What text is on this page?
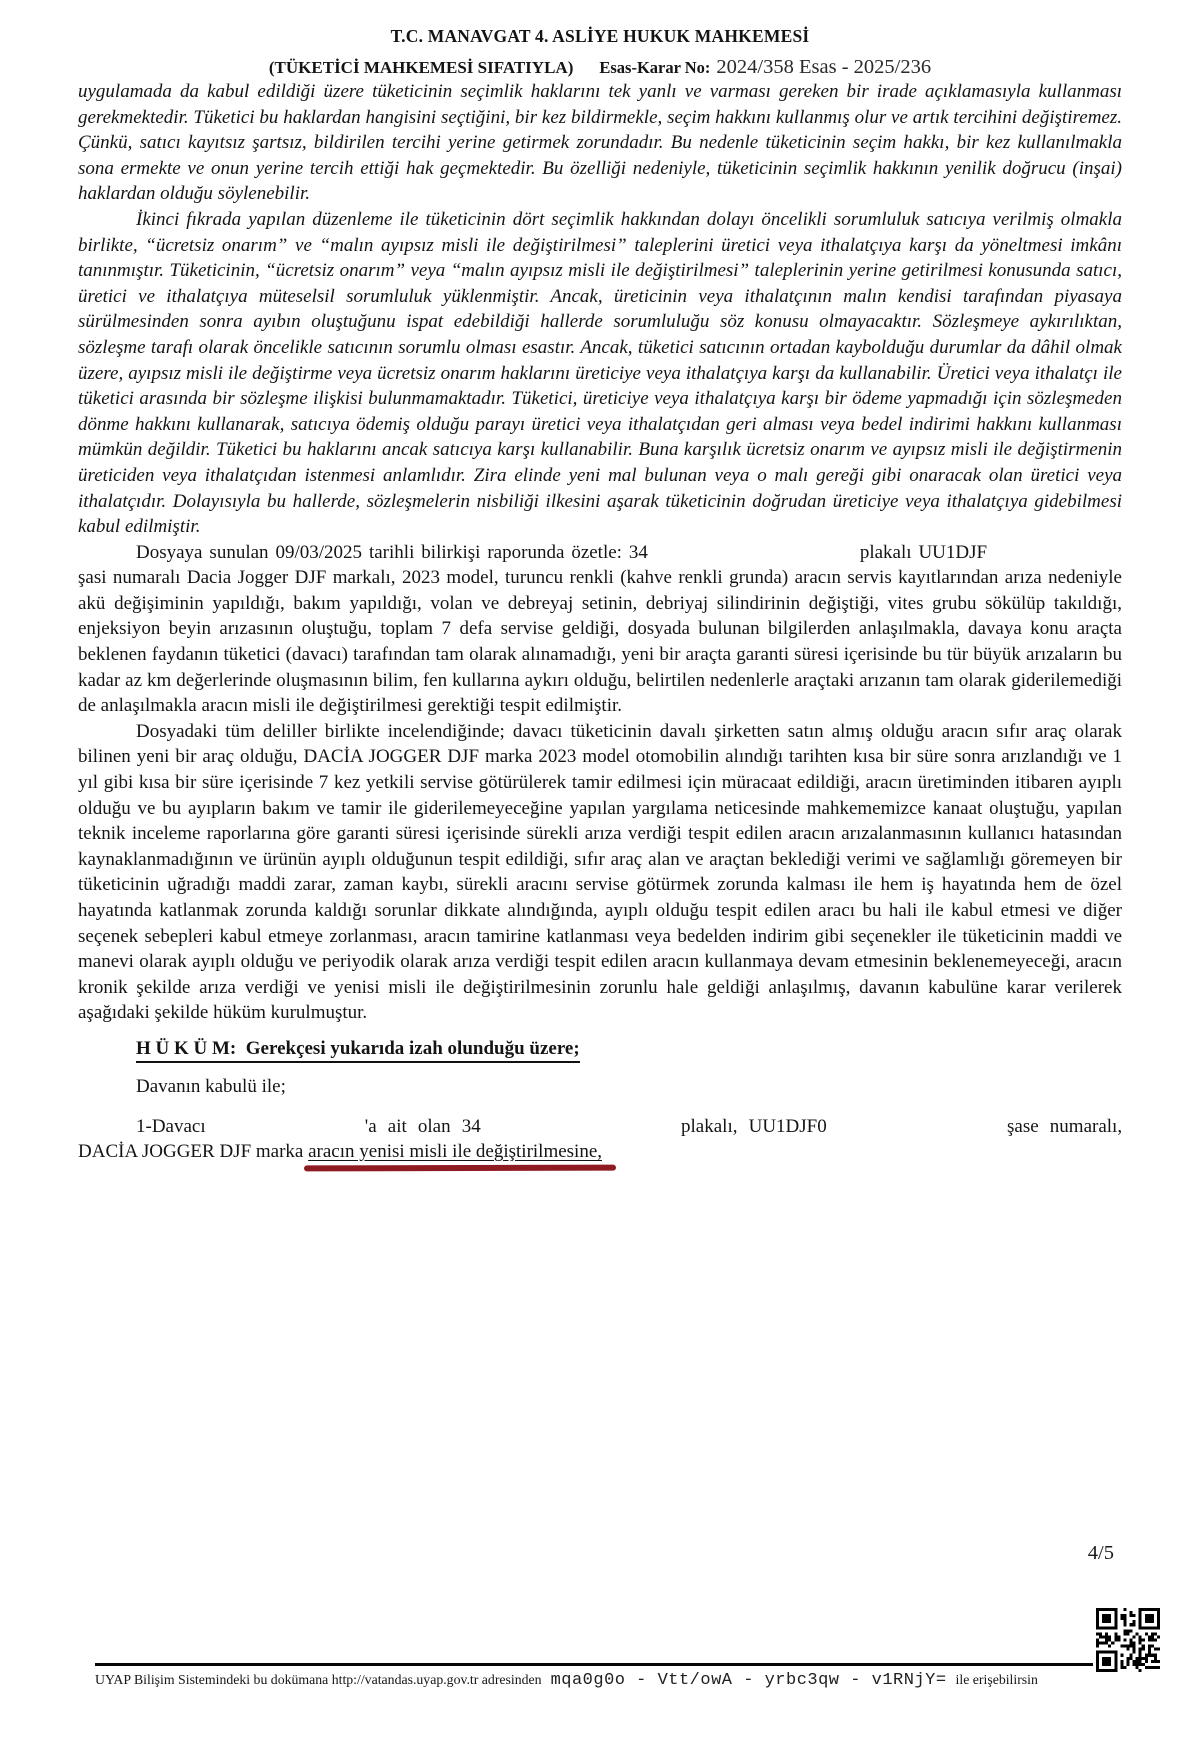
T.C. MANAVGAT 4. ASLİYE HUKUK MAHKEMESİ
(TÜKETİCİ MAHKEMESİ SIFATIYLA) Esas-Karar No: 2024/358 Esas - 2025/236

uygulamada da kabul edildiği üzere tüketicinin seçimlik haklarını tek yanlı ve varması gereken bir irade açıklamasıyla kullanması gerekmektedir. Tüketici bu haklardan hangisini seçtiğini, bir kez bildirmekle, seçim hakkını kullanmış olur ve artık tercihini değiştiremez. Çünkü, satıcı kayıtsız şartsız, bildirilen tercihi yerine getirmek zorundadır. Bu nedenle tüketicinin seçim hakkı, bir kez kullanılmakla sona ermekte ve onun yerine tercih ettiği hak geçmektedir. Bu özelliği nedeniyle, tüketicinin seçimlik hakkının yenilik doğrucu (inşai) haklardan olduğu söylenebilir.

İkinci fıkrada yapılan düzenleme ile tüketicinin dört seçimlik hakkından dolayı öncelikli sorumluluk satıcıya verilmiş olmakla birlikte, “ücretsiz onarım” ve “malın ayıpsız misli ile değiştirilmesi” taleplerini üretici veya ithalatçıya karşı da yöneltmesi imkânı tanınmıştır. Tüketicinin, “ücretsiz onarım” veya “malın ayıpsız misli ile değiştirilmesi” taleplerinin yerine getirilmesi konusunda satıcı, üretici ve ithalatçıya müteselsil sorumluluk yüklenmiştir. Ancak, üreticinin veya ithalatçının malın kendisi tarafından piyasaya sürülmesinden sonra ayıbın oluştuğunu ispat edebildiği hallerde sorumluluğu söz konusu olmayacaktır. Sözleşmeye aykırılıktan, sözleşme tarafı olarak öncelikle satıcının sorumlu olması esastır. Ancak, tüketici satıcının ortadan kaybolduğu durumlar da dâhil olmak üzere, ayıpsız misli ile değiştirme veya ücretsiz onarım haklarını üreticiye veya ithalatçıya karşı da kullanabilir. Üretici veya ithalatçı ile tüketici arasında bir sözleşme ilişkisi bulunmamaktadır. Tüketici, üreticiye veya ithalatçıya karşı bir ödeme yapmadığı için sözleşmeden dönme hakkını kullanarak, satıcıya ödemiş olduğu parayı üretici veya ithalatçıdan geri alması veya bedel indirimi hakkını kullanması mümkün değildir. Tüketici bu haklarını ancak satıcıya karşı kullanabilir. Buna karşılık ücretsiz onarım ve ayıpsız misli ile değiştirmenin üreticiden veya ithalatçıdan istenmesi anlamlıdır. Zira elinde yeni mal bulunan veya o malı gereği gibi onaracak olan üretici veya ithalatçıdır. Dolayısıyla bu hallerde, sözleşmelerin nisbiliği ilkesini aşarak tüketicinin doğrudan üreticiye veya ithalatçıya gidebilmesi kabul edilmiştir.

Dosyaya sunulan 09/03/2025 tarihli bilirkişi raporunda özetle: 34	plakalı UU1DJF  şasi numaralı Dacia Jogger DJF markalı, 2023 model, turuncu renkli (kahve renkli grunda) aracın servis kayıtlarından arıza nedeniyle akü değişiminin yapıldığı, bakım yapıldığı, volan ve debreyaj setinin, debriyaj silindirinin değiştiği, vites grubu sökülüp takıldığı, enjeksiyon beyin arızasının oluştuğu, toplam 7 defa servise geldiği, dosyada bulunan bilgilerden anlaşılmakla, davaya konu araçta beklenen faydanın tüketici (davacı) tarafından tam olarak alınamadığı, yeni bir araçta garanti süresi içerisinde bu tür büyük arızaların bu kadar az km değerlerinde oluşmasının bilim, fen kullarına aykırı olduğu, belirtilen nedenlerle araçtaki arızanın tam olarak giderilemediği de anlaşılmakla aracın misli ile değiştirilmesi gerektiği tespit edilmiştir.

Dosyadaki tüm deliller birlikte incelendiğinde; davacı tüketicinin davalı şirketten satın almış olduğu aracın sıfır araç olarak bilinen yeni bir araç olduğu, DACİA JOGGER DJF marka 2023 model otomobilin alındığı tarihten kısa bir süre sonra arızlandığı ve 1 yıl gibi kısa bir süre içerisinde 7 kez yetkili servise götürülerek tamir edilmesi için müracaat edildiği, aracın üretiminden itibaren ayıplı olduğu ve bu ayıpların bakım ve tamir ile giderilemeyeceğine yapılan yargılama neticesinde mahkememizce kanaat oluştuğu, yapılan teknik inceleme raporlarına göre garanti süresi içerisinde sürekli arıza verdiği tespit edilen aracın arızalanmasının kullanıcı hatasından kaynaklanmadığının ve ürünün ayıplı olduğunun tespit edildiği, sıfır araç alan ve araçtan beklediği verimi ve sağlamlığı göremeyen bir tüketicinin uğradığı maddi zarar, zaman kaybı, sürekli aracını servise götürmek zorunda kalması ile hem iş hayatında hem de özel hayatında katlanmak zorunda kaldığı sorunlar dikkate alındığında, ayıplı olduğu tespit edilen aracı bu hali ile kabul etmesi ve diğer seçenek sebepleri kabul etmeye zorlanması, aracın tamirine katlanması veya bedelden indirim gibi seçenekler ile tüketicinin maddi ve manevi olarak ayıplı olduğu ve periyodik olarak arıza verdiği tespit edilen aracın kullanmaya devam etmesinin beklenemeyeceği, aracın kronik şekilde arıza verdiği ve yenisi misli ile değiştirilmesinin zorunlu hale geldiği anlaşılmış, davanın kabulüne karar verilerek aşağıdaki şekilde hüküm kurulmuştur.

H Ü K Ü M: Gerekçesi yukarıda izah olunduğu üzere;

Davanın kabulü ile;

1-Davacı	'a ait olan 34	plakalı, UU1DJF0	şase numaralı, DACİA JOGGER DJF marka aracın yenisi misli ile değiştirilmesine,

4/5
UYAP Bilişim Sistemindeki bu dokümana http://vatandas.uyap.gov.tr adresinden mqa0g0o - Vtt/owA - yrbc3qw - v1RNjY= ile erişebilirsin
